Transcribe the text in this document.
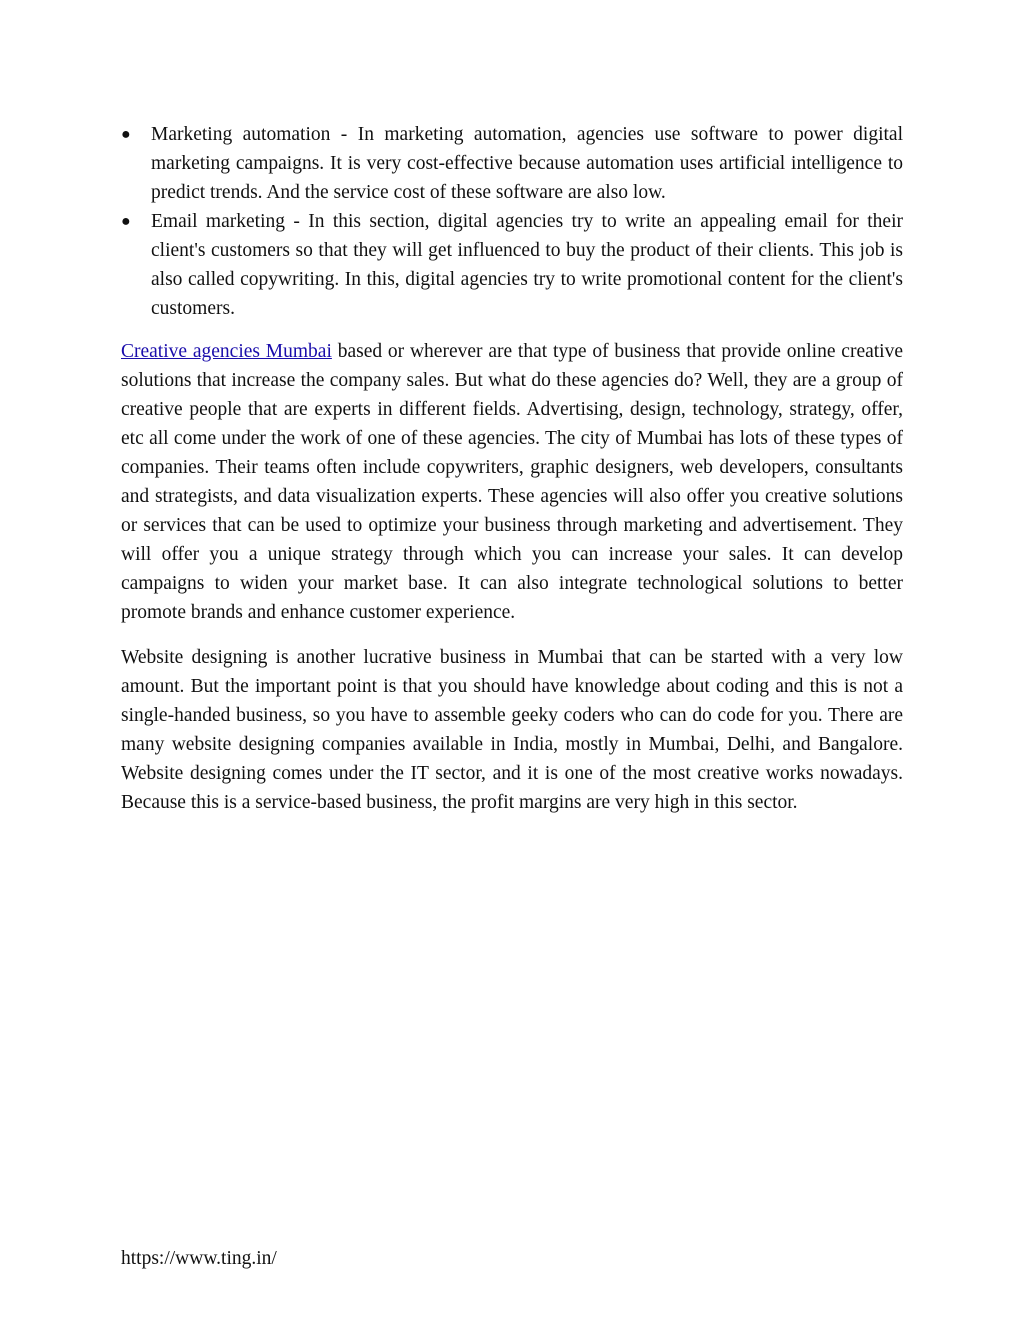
●	Marketing automation - In marketing automation, agencies use software to power digital marketing campaigns. It is very cost-effective because automation uses artificial intelligence to predict trends. And the service cost of these software are also low.
●	Email marketing - In this section, digital agencies try to write an appealing email for their client's customers so that they will get influenced to buy the product of their clients. This job is also called copywriting. In this, digital agencies try to write promotional content for the client's customers.

Creative agencies Mumbai based or wherever are that type of business that provide online creative solutions that increase the company sales. But what do these agencies do? Well, they are a group of creative people that are experts in different fields. Advertising, design, technology, strategy, offer, etc all come under the work of one of these agencies. The city of Mumbai has lots of these types of companies. Their teams often include copywriters, graphic designers, web developers, consultants and strategists, and data visualization experts. These agencies will also offer you creative solutions or services that can be used to optimize your business through marketing and advertisement. They will offer you a unique strategy through which you can increase your sales. It can develop campaigns to widen your market base. It can also integrate technological solutions to better promote brands and enhance customer experience.

Website designing is another lucrative business in Mumbai that can be started with a very low amount. But the important point is that you should have knowledge about coding and this is not a single-handed business, so you have to assemble geeky coders who can do code for you. There are many website designing companies available in India, mostly in Mumbai, Delhi, and Bangalore. Website designing comes under the IT sector, and it is one of the most creative works nowadays. Because this is a service-based business, the profit margins are very high in this sector.

https://www.ting.in/
